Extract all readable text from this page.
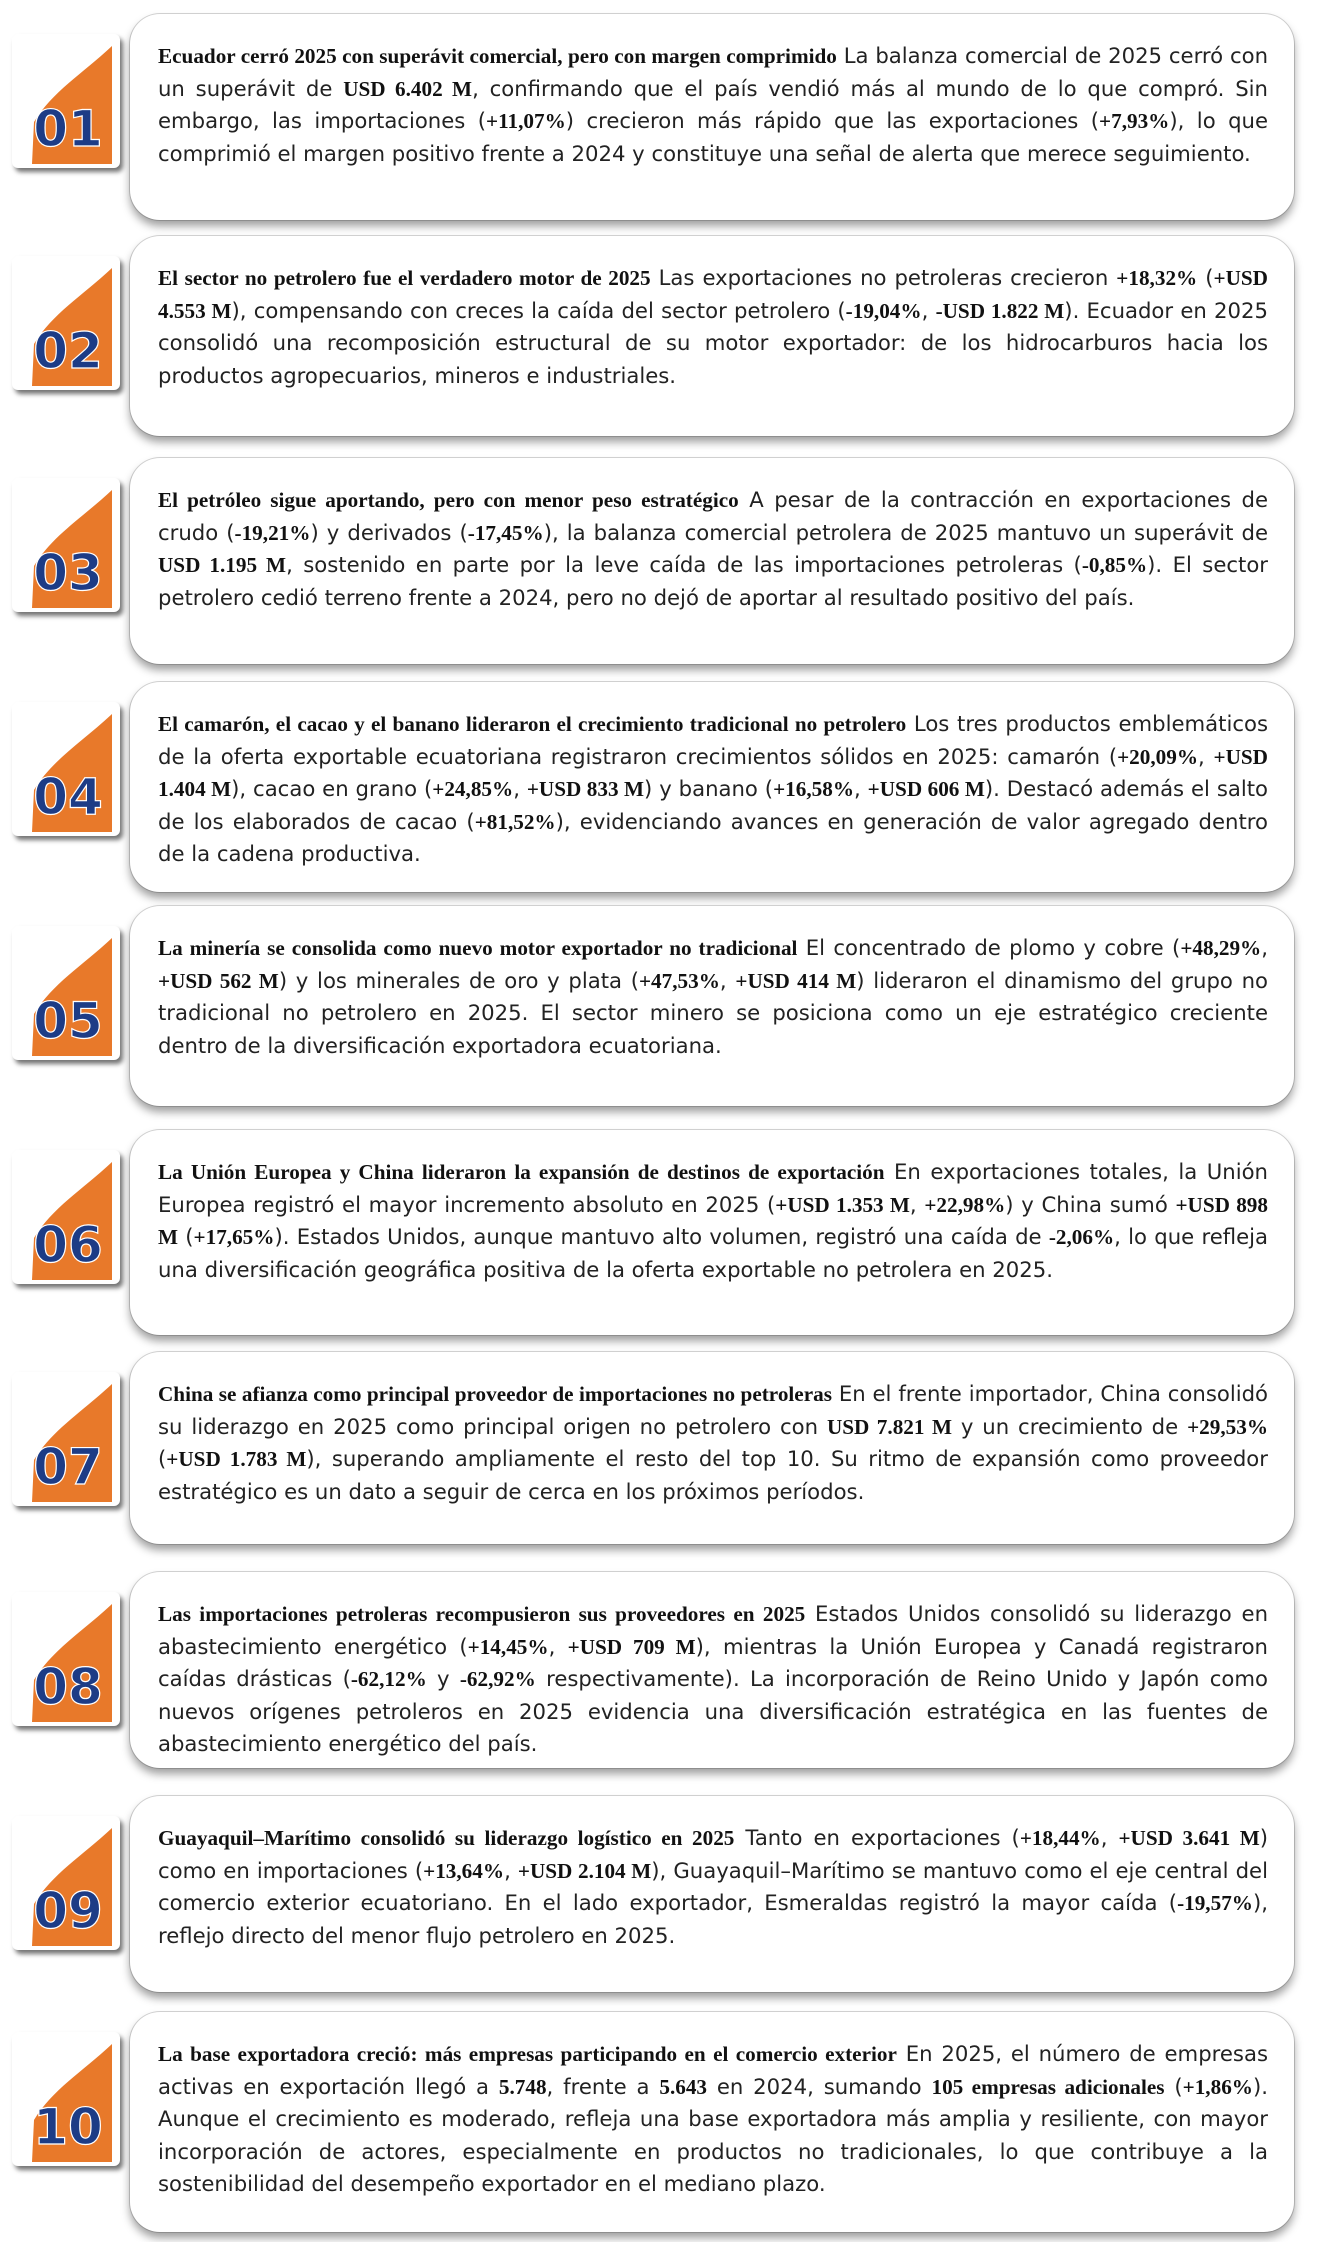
01

Ecuador cerró 2025 con superávit comercial, pero con margen comprimido La balanza comercial de 2025 cerró con un superávit de USD 6.402 M, confirmando que el país vendió más al mundo de lo que compró. Sin embargo, las importaciones (+11,07%) crecieron más rápido que las exportaciones (+7,93%), lo que comprimió el margen positivo frente a 2024 y constituye una señal de alerta que merece seguimiento.

02

El sector no petrolero fue el verdadero motor de 2025 Las exportaciones no petroleras crecieron +18,32% (+USD 4.553 M), compensando con creces la caída del sector petrolero (-19,04%, -USD 1.822 M). Ecuador en 2025 consolidó una recomposición estructural de su motor exportador: de los hidrocarburos hacia los productos agropecuarios, mineros e industriales.

03

El petróleo sigue aportando, pero con menor peso estratégico A pesar de la contracción en exportaciones de crudo (-19,21%) y derivados (-17,45%), la balanza comercial petrolera de 2025 mantuvo un superávit de USD 1.195 M, sostenido en parte por la leve caída de las importaciones petroleras (-0,85%). El sector petrolero cedió terreno frente a 2024, pero no dejó de aportar al resultado positivo del país.

04

El camarón, el cacao y el banano lideraron el crecimiento tradicional no petrolero Los tres productos emblemáticos de la oferta exportable ecuatoriana registraron crecimientos sólidos en 2025: camarón (+20,09%, +USD 1.404 M), cacao en grano (+24,85%, +USD 833 M) y banano (+16,58%, +USD 606 M). Destacó además el salto de los elaborados de cacao (+81,52%), evidenciando avances en generación de valor agregado dentro de la cadena productiva.

05

La minería se consolida como nuevo motor exportador no tradicional El concentrado de plomo y cobre (+48,29%, +USD 562 M) y los minerales de oro y plata (+47,53%, +USD 414 M) lideraron el dinamismo del grupo no tradicional no petrolero en 2025. El sector minero se posiciona como un eje estratégico creciente dentro de la diversificación exportadora ecuatoriana.

06

La Unión Europea y China lideraron la expansión de destinos de exportación En exportaciones totales, la Unión Europea registró el mayor incremento absoluto en 2025 (+USD 1.353 M, +22,98%) y China sumó +USD 898 M (+17,65%). Estados Unidos, aunque mantuvo alto volumen, registró una caída de -2,06%, lo que refleja una diversificación geográfica positiva de la oferta exportable no petrolera en 2025.

07

China se afianza como principal proveedor de importaciones no petroleras En el frente importador, China consolidó su liderazgo en 2025 como principal origen no petrolero con USD 7.821 M y un crecimiento de +29,53% (+USD 1.783 M), superando ampliamente el resto del top 10. Su ritmo de expansión como proveedor estratégico es un dato a seguir de cerca en los próximos períodos.

08

Las importaciones petroleras recompusieron sus proveedores en 2025 Estados Unidos consolidó su liderazgo en abastecimiento energético (+14,45%, +USD 709 M), mientras la Unión Europea y Canadá registraron caídas drásticas (-62,12% y -62,92% respectivamente). La incorporación de Reino Unido y Japón como nuevos orígenes petroleros en 2025 evidencia una diversificación estratégica en las fuentes de abastecimiento energético del país.

09

Guayaquil–Marítimo consolidó su liderazgo logístico en 2025 Tanto en exportaciones (+18,44%, +USD 3.641 M) como en importaciones (+13,64%, +USD 2.104 M), Guayaquil–Marítimo se mantuvo como el eje central del comercio exterior ecuatoriano. En el lado exportador, Esmeraldas registró la mayor caída (-19,57%), reflejo directo del menor flujo petrolero en 2025.

10

La base exportadora creció: más empresas participando en el comercio exterior En 2025, el número de empresas activas en exportación llegó a 5.748, frente a 5.643 en 2024, sumando 105 empresas adicionales (+1,86%). Aunque el crecimiento es moderado, refleja una base exportadora más amplia y resiliente, con mayor incorporación de actores, especialmente en productos no tradicionales, lo que contribuye a la sostenibilidad del desempeño exportador en el mediano plazo.
